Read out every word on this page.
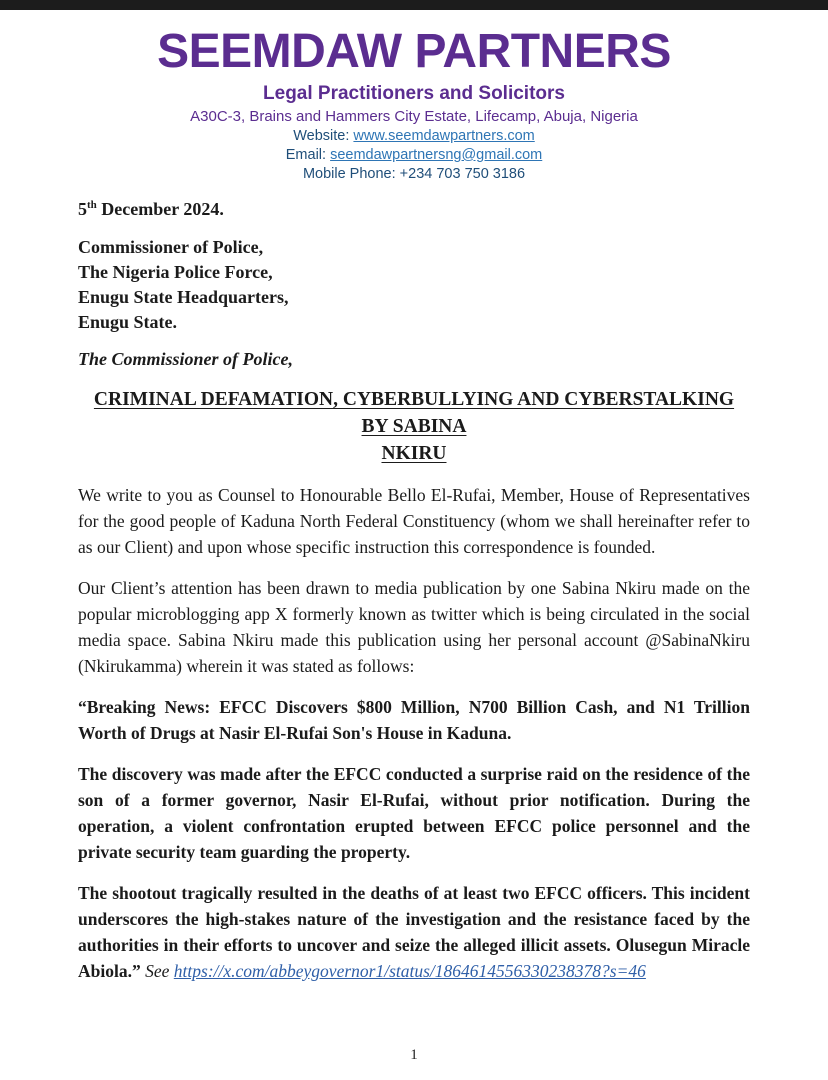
SEEMDAW PARTNERS
Legal Practitioners and Solicitors
A30C-3, Brains and Hammers City Estate, Lifecamp, Abuja, Nigeria
Website: www.seemdawpartners.com
Email: seemdawpartnersng@gmail.com
Mobile Phone: +234 703 750 3186

5th December 2024.

Commissioner of Police,
The Nigeria Police Force,
Enugu State Headquarters,
Enugu State.

The Commissioner of Police,

CRIMINAL DEFAMATION, CYBERBULLYING AND CYBERSTALKING BY SABINA
NKIRU

We write to you as Counsel to Honourable Bello El-Rufai, Member, House of Representatives for the good people of Kaduna North Federal Constituency (whom we shall hereinafter refer to as our Client) and upon whose specific instruction this correspondence is founded.

Our Client’s attention has been drawn to media publication by one Sabina Nkiru made on the popular microblogging app X formerly known as twitter which is being circulated in the social media space. Sabina Nkiru made this publication using her personal account @SabinaNkiru (Nkirukamma) wherein it was stated as follows:

“Breaking News: EFCC Discovers $800 Million, N700 Billion Cash, and N1 Trillion Worth of Drugs at Nasir El-Rufai Son's House in Kaduna.

The discovery was made after the EFCC conducted a surprise raid on the residence of the son of a former governor, Nasir El-Rufai, without prior notification. During the operation, a violent confrontation erupted between EFCC police personnel and the private security team guarding the property.

The shootout tragically resulted in the deaths of at least two EFCC officers. This incident underscores the high-stakes nature of the investigation and the resistance faced by the authorities in their efforts to uncover and seize the alleged illicit assets. Olusegun Miracle Abiola.” See https://x.com/abbeygovernor1/status/1864614556330238378?s=46

1
